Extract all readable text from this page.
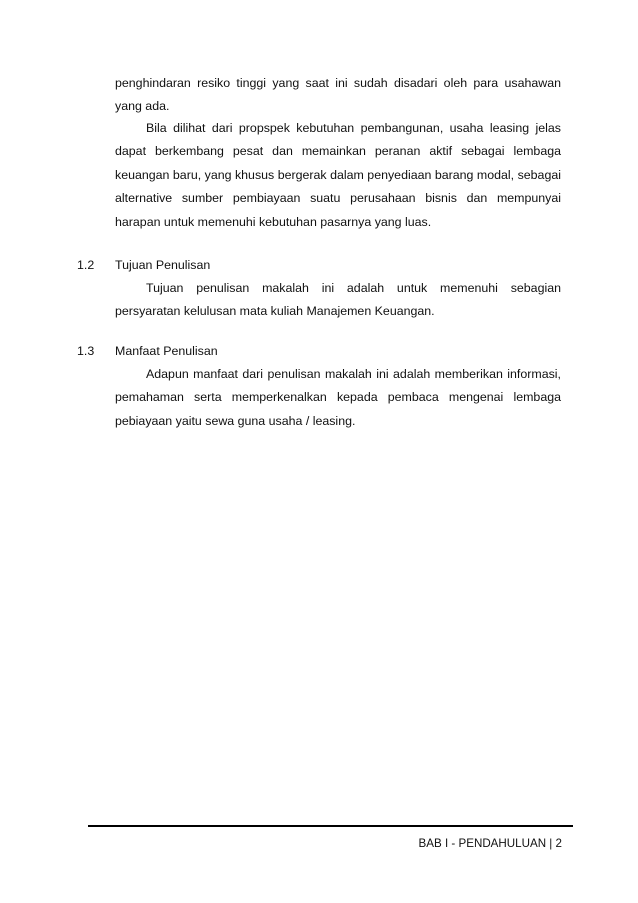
penghindaran resiko tinggi yang saat ini sudah disadari oleh para usahawan yang ada.

Bila dilihat dari propspek kebutuhan pembangunan, usaha leasing jelas dapat berkembang pesat dan memainkan peranan aktif sebagai lembaga keuangan baru, yang khusus bergerak dalam penyediaan barang modal, sebagai alternative sumber pembiayaan suatu perusahaan bisnis dan mempunyai harapan untuk memenuhi kebutuhan pasarnya yang luas.

1.2 Tujuan Penulisan

Tujuan penulisan makalah ini adalah untuk memenuhi sebagian persyaratan kelulusan mata kuliah Manajemen Keuangan.

1.3 Manfaat Penulisan

Adapun manfaat dari penulisan makalah ini adalah memberikan informasi, pemahaman serta memperkenalkan kepada pembaca mengenai lembaga pebiayaan yaitu sewa guna usaha / leasing.

BAB I - PENDAHULUAN | 2
